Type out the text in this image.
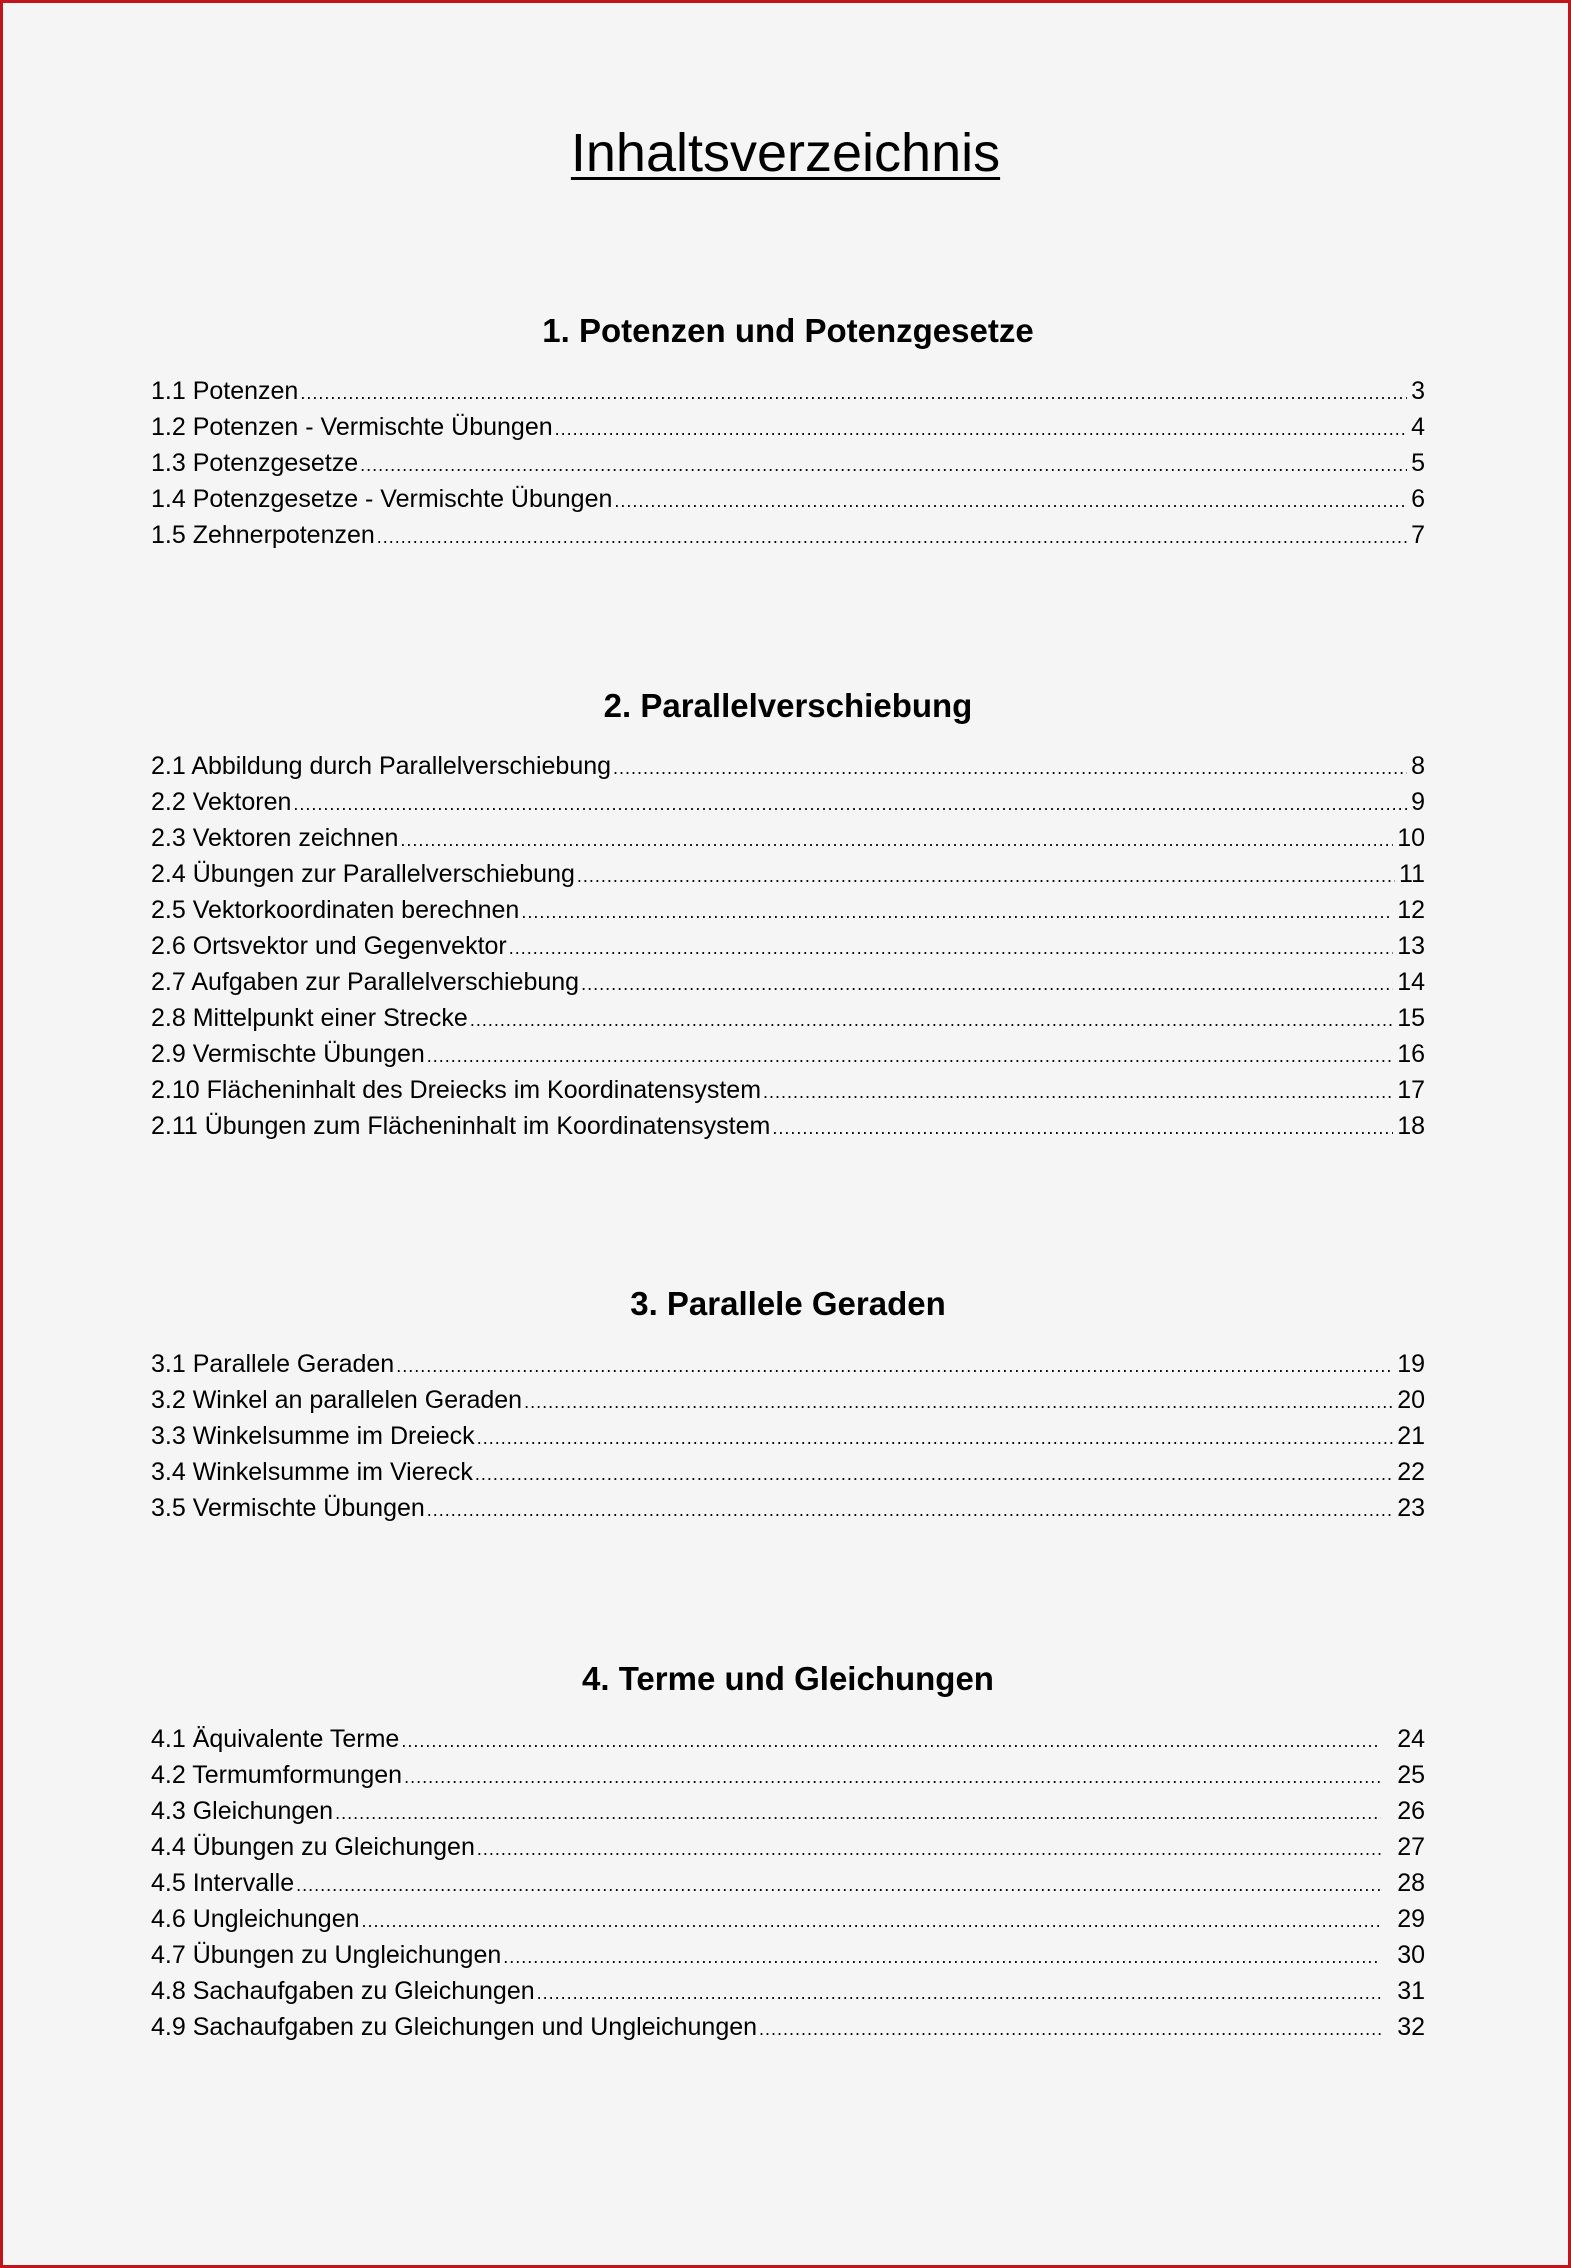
Inhaltsverzeichnis
1. Potenzen und Potenzgesetze
1.1 Potenzen .....	3
1.2 Potenzen - Vermischte Übungen .....	4
1.3 Potenzgesetze .....	5
1.4 Potenzgesetze - Vermischte Übungen .....	6
1.5 Zehnerpotenzen .....	7
2. Parallelverschiebung
2.1 Abbildung durch Parallelverschiebung .....	8
2.2 Vektoren .....	9
2.3 Vektoren zeichnen .....	10
2.4 Übungen zur Parallelverschiebung .....	11
2.5 Vektorkoordinaten berechnen .....	12
2.6 Ortsvektor und Gegenvektor .....	13
2.7 Aufgaben zur Parallelverschiebung .....	14
2.8 Mittelpunkt einer Strecke .....	15
2.9 Vermischte Übungen .....	16
2.10 Flächeninhalt des Dreiecks im Koordinatensystem .....	17
2.11 Übungen zum Flächeninhalt im Koordinatensystem .....	18
3. Parallele Geraden
3.1 Parallele Geraden .....	19
3.2 Winkel an parallelen Geraden .....	20
3.3 Winkelsumme im Dreieck .....	21
3.4 Winkelsumme im Viereck .....	22
3.5 Vermischte Übungen .....	23
4. Terme und Gleichungen
4.1 Äquivalente Terme .....	24
4.2 Termumformungen .....	25
4.3 Gleichungen .....	26
4.4 Übungen zu Gleichungen .....	27
4.5 Intervalle .....	28
4.6 Ungleichungen .....	29
4.7 Übungen zu Ungleichungen .....	30
4.8 Sachaufgaben zu Gleichungen .....	31
4.9 Sachaufgaben zu Gleichungen und Ungleichungen .....	32
